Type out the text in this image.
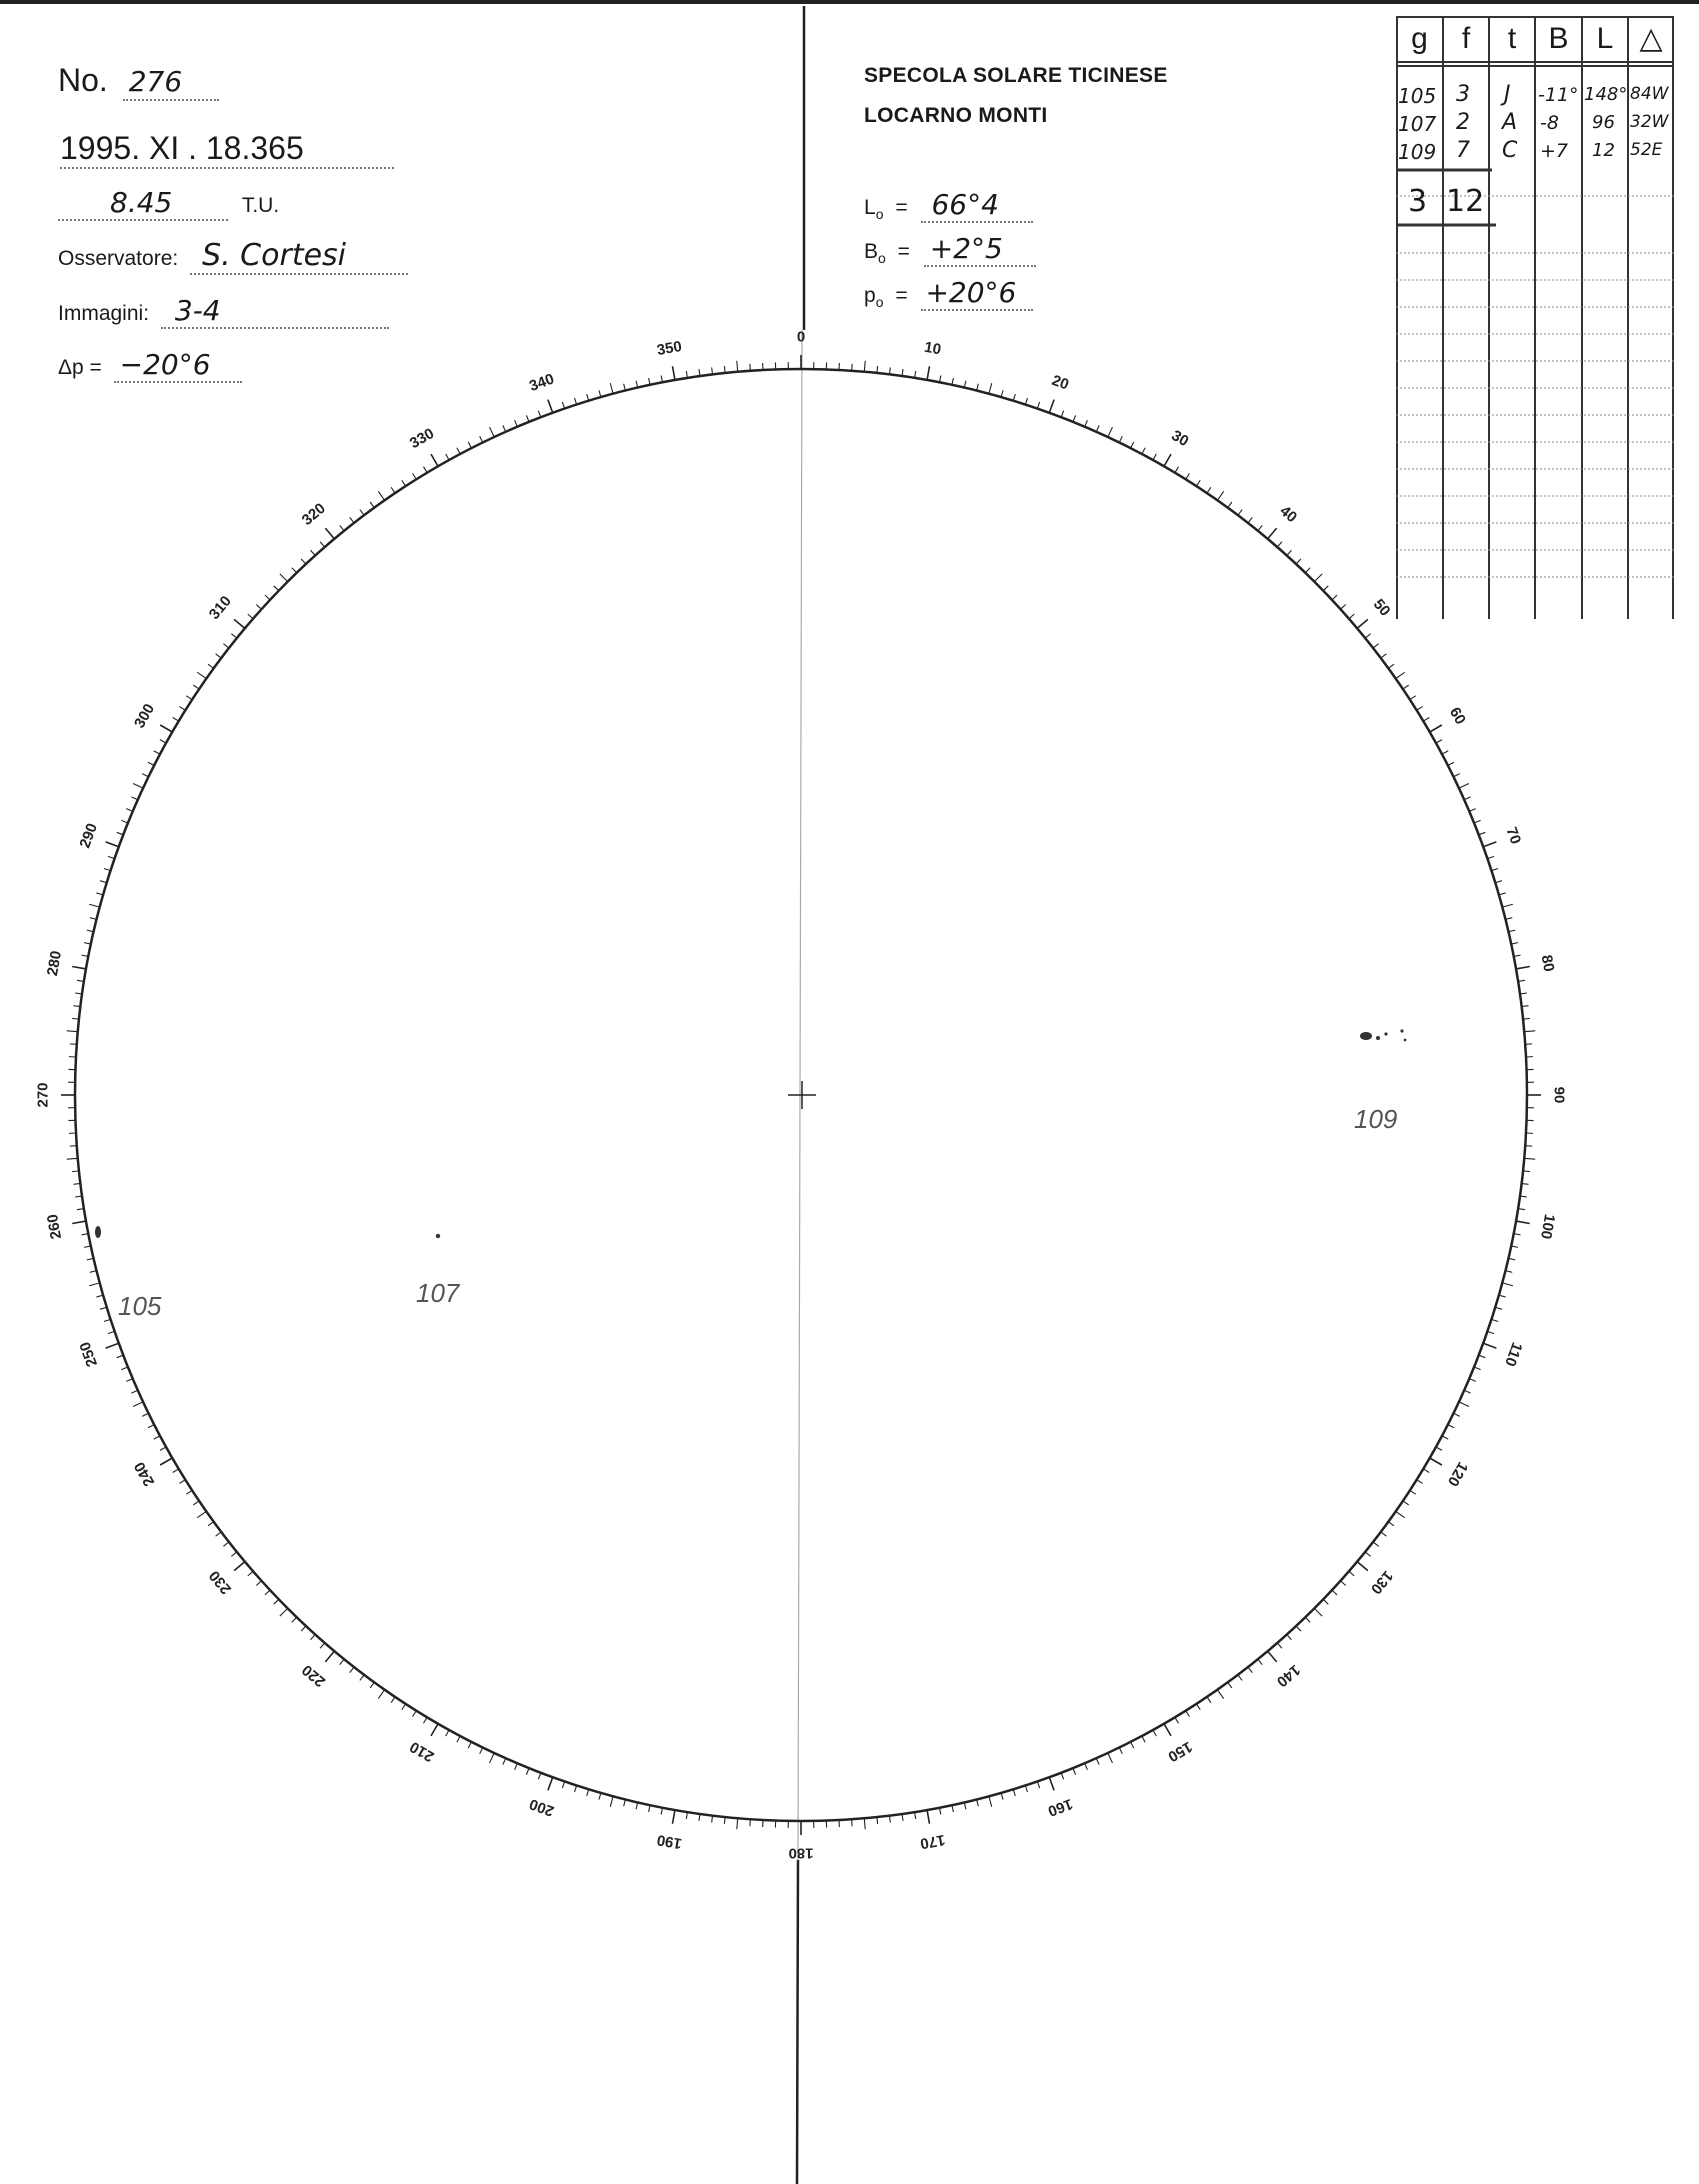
No. 276
1995. XI . 18.365
8.45	T.U.
Osservatore: S. Cortesi
Immagini: 3-4
Δp = −20°6
SPECOLA SOLARE TICINESE
LOCARNO MONTI
$L_o = 66^\circ 4$
$B_o = +2^\circ 5$
$p_o = +20^\circ 6$
g	f	t	B L △
105 3 J -11° 148° 84W
107 2 A -8 96 32W
109 7 C +7 12 52E
3 12
0
10
20
30
40
50
60
70
80
90
100
110
120
130
140
150
160
170
180
190
200
210
220
230
240
250
260
270
280
290
300
310
320
330
340
350
105	107
109
